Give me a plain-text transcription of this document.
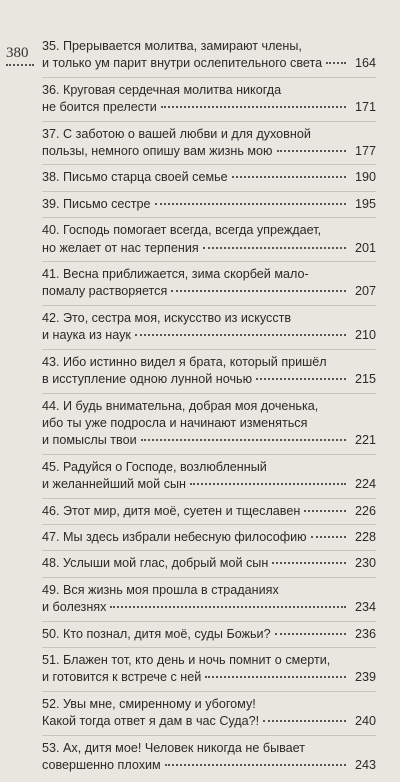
380 35. Прерывается молитва, замирают члены,
и только ум парит внутри ослепительного света	164
36. Круговая сердечная молитва никогда
не боится прелести	171
37. С заботою о вашей любви и для духовной
пользы, немного опишу вам жизнь мою	177
38. Письмо старца своей семье	190
39. Письмо сестре	195
40. Господь помогает всегда, всегда упреждает,
но желает от нас терпения	201
41. Весна приближается, зима скорбей мало-
помалу растворяется	207
42. Это, сестра моя, искусство из искусств
и наука из наук	210
43. Ибо истинно видел я брата, который пришёл
в исступление одною лунной ночью	215
44. И будь внимательна, добрая моя доченька,
ибо ты уже подросла и начинают изменяться
и помыслы твои	221
45. Радуйся о Господе, возлюбленный
и желаннейший мой сын	224
46. Этот мир, дитя моё, суетен и тщеславен	226
47. Мы здесь избрали небесную философию	228
48. Услыши мой глас, добрый мой сын	230
49. Вся жизнь моя прошла в страданиях
и болезнях	234
50. Кто познал, дитя моё, суды Божьи?	236
51. Блажен тот, кто день и ночь помнит о смерти,
и готовится к встрече с ней	239
52. Увы мне, смиренному и убогому!
Какой тогда ответ я дам в час Суда?!	240
53. Ах, дитя мое! Человек никогда не бывает
совершенно плохим	243
